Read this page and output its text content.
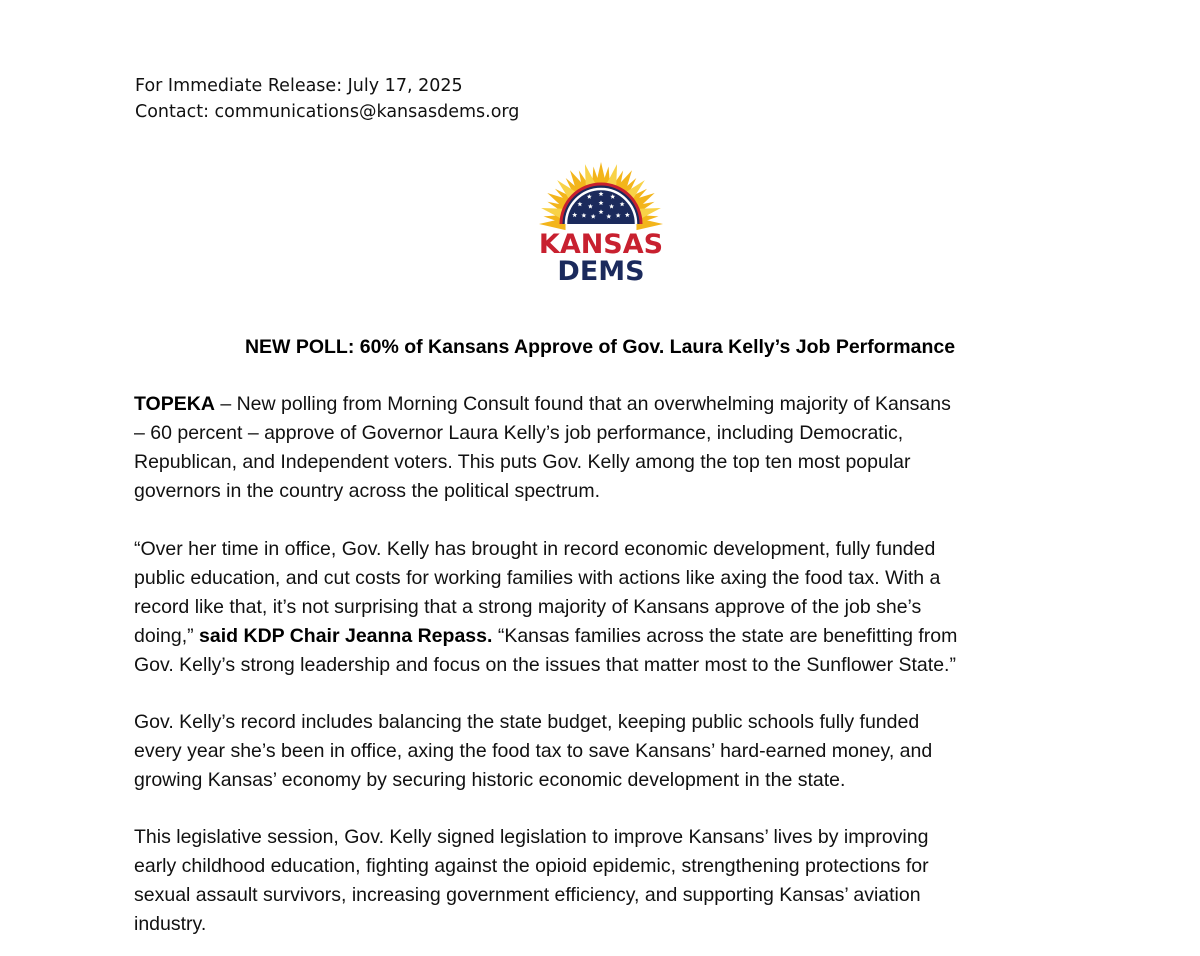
For Immediate Release: July 17, 2025
Contact: communications@kansasdems.org
KANSAS
DEMS
NEW POLL: 60% of Kansans Approve of Gov. Laura Kelly’s Job Performance
TOPEKA – New polling from Morning Consult found that an overwhelming majority of Kansans
– 60 percent – approve of Governor Laura Kelly’s job performance, including Democratic,
Republican, and Independent voters. This puts Gov. Kelly among the top ten most popular
governors in the country across the political spectrum.
“Over her time in office, Gov. Kelly has brought in record economic development, fully funded
public education, and cut costs for working families with actions like axing the food tax. With a
record like that, it’s not surprising that a strong majority of Kansans approve of the job she’s
doing,” said KDP Chair Jeanna Repass. “Kansas families across the state are benefitting from
Gov. Kelly’s strong leadership and focus on the issues that matter most to the Sunflower State.”
Gov. Kelly’s record includes balancing the state budget, keeping public schools fully funded
every year she’s been in office, axing the food tax to save Kansans’ hard-earned money, and
growing Kansas’ economy by securing historic economic development in the state.
This legislative session, Gov. Kelly signed legislation to improve Kansans’ lives by improving
early childhood education, fighting against the opioid epidemic, strengthening protections for
sexual assault survivors, increasing government efficiency, and supporting Kansas’ aviation
industry.
